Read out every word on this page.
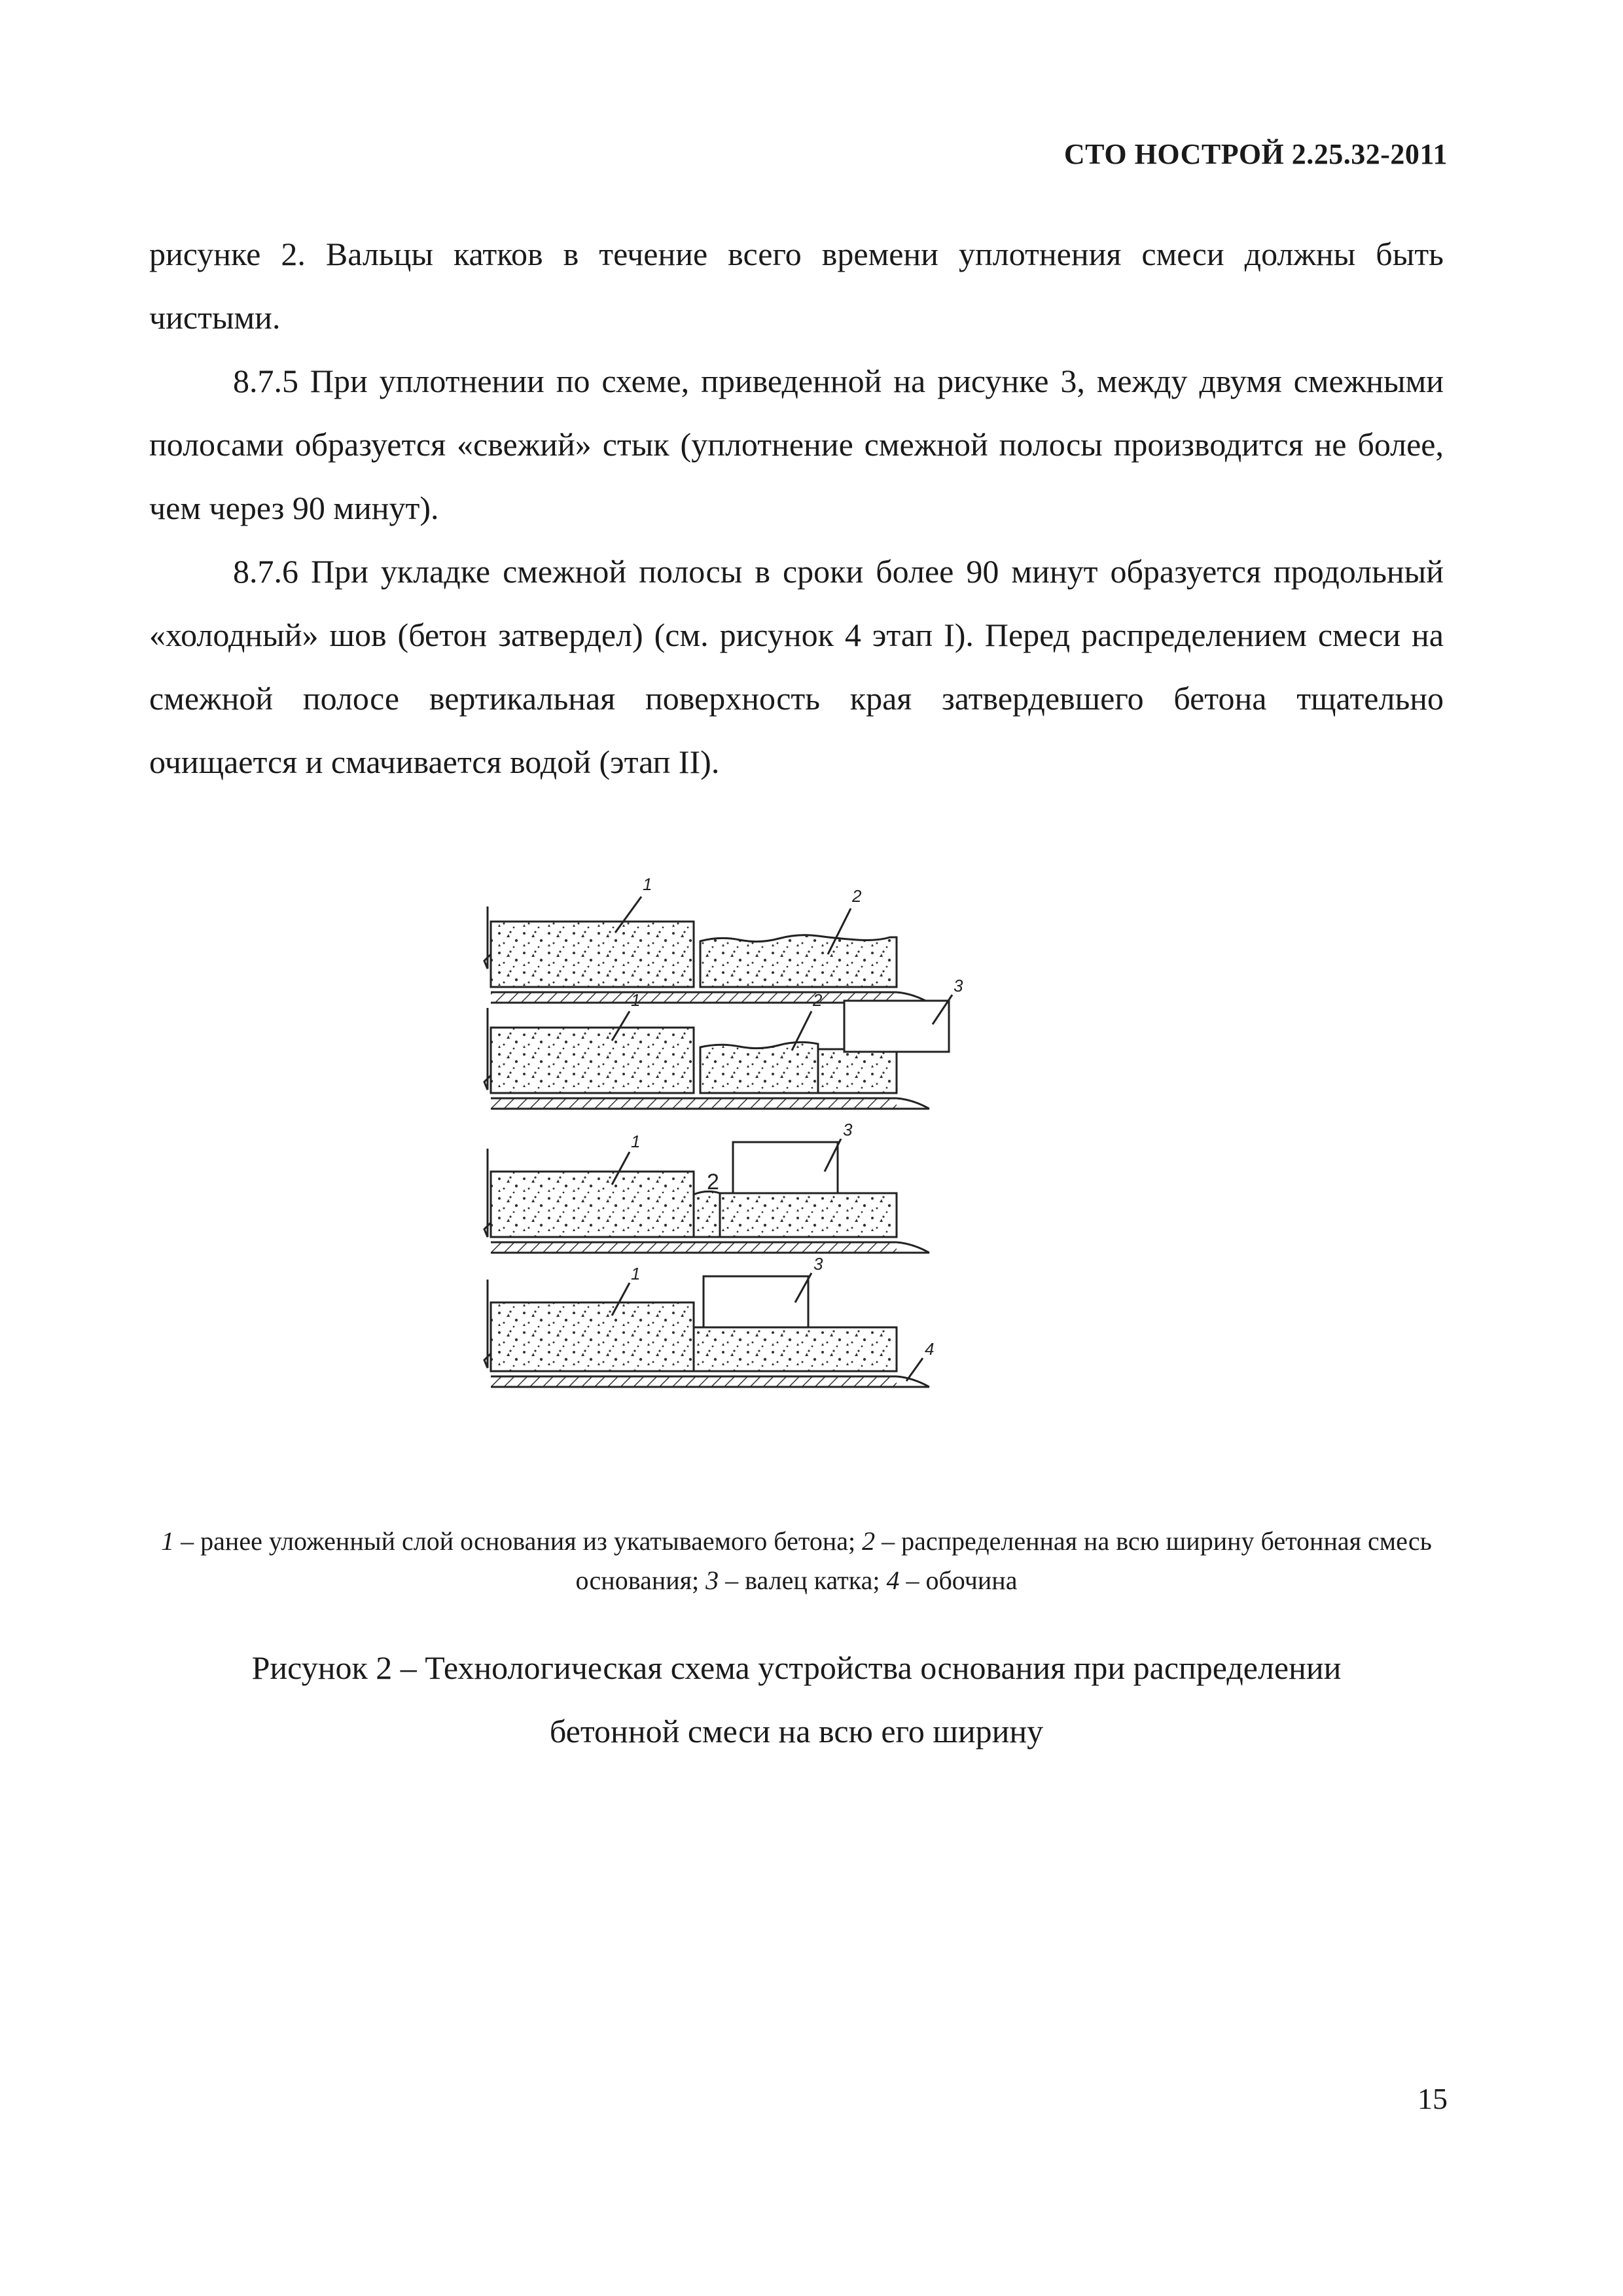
СТО НОСТРОЙ 2.25.32-2011

рисунке 2. Вальцы катков в течение всего времени уплотнения смеси должны быть чистыми.

8.7.5 При уплотнении по схеме, приведенной на рисунке 3, между двумя смежными полосами образуется «свежий» стык (уплотнение смежной полосы производится не более, чем через 90 минут).

8.7.6 При укладке смежной полосы в сроки более 90 минут образуется продольный «холодный» шов (бетон затвердел) (см. рисунок 4 этап I). Перед распределением смеси на смежной полосе вертикальная поверхность края затвердевшего бетона тщательно очищается и смачивается водой (этап II).

1
2
1	2
3
1
2
3
1	3
4
1 – ранее уложенный слой основания из укатываемого бетона; 2 – распределенная на всю ширину бетонная смесь основания; 3 – валец катка; 4 – обочина
Рисунок 2 – Технологическая схема устройства основания при распределении
бетонной смеси на всю его ширину
15
